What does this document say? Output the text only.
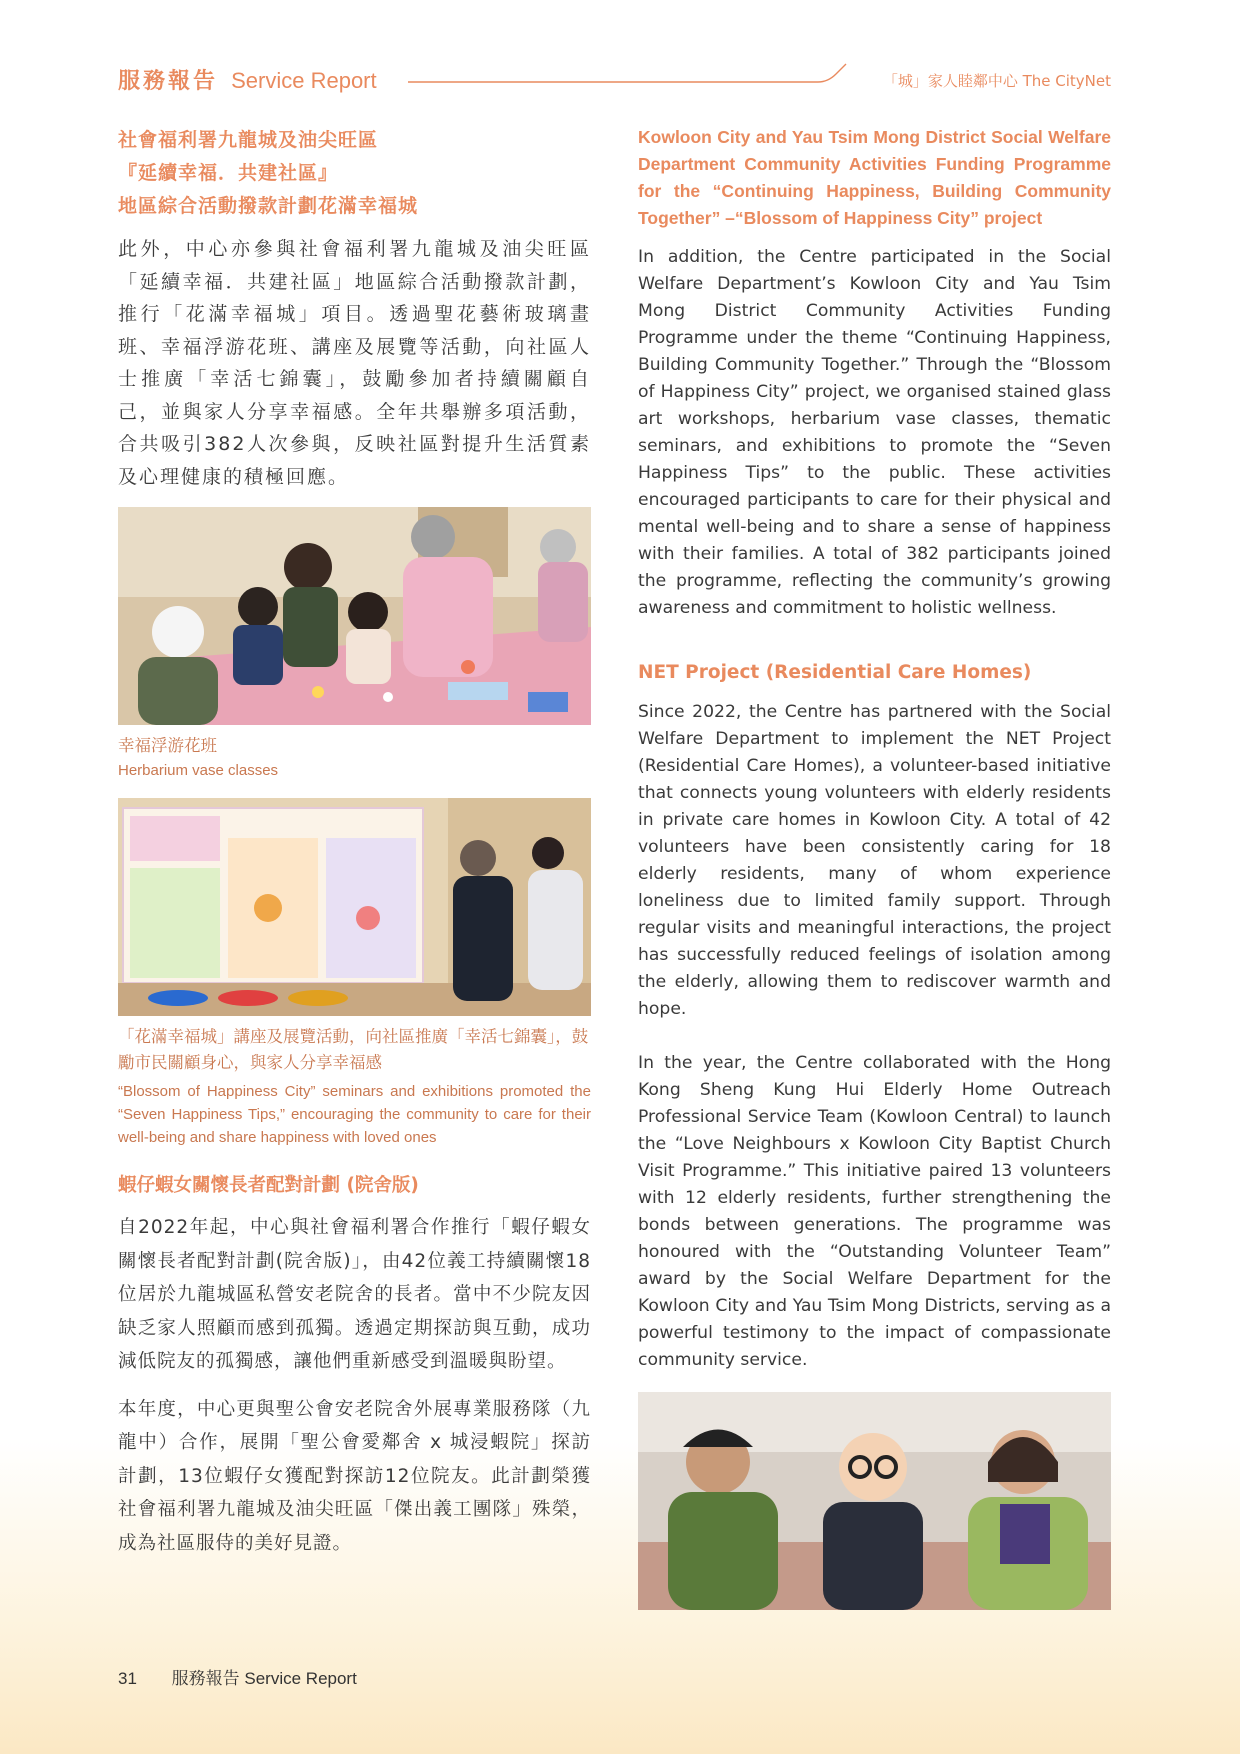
服務報告 Service Report	「城」家人睦鄰中心 The CityNet
社會福利署九龍城及油尖旺區
『延續幸福．共建社區』
地區綜合活動撥款計劃花滿幸福城

此外，中心亦參與社會福利署九龍城及油尖旺區「延續幸福．共建社區」地區綜合活動撥款計劃，推行「花滿幸福城」項目。透過聖花藝術玻璃畫班、幸福浮游花班、講座及展覽等活動，向社區人士推廣「幸活七錦囊」，鼓勵參加者持續關顧自己，並與家人分享幸福感。全年共舉辦多項活動，合共吸引382人次參與，反映社區對提升生活質素及心理健康的積極回應。

幸福浮游花班
Herbarium vase classes
「花滿幸福城」講座及展覽活動，向社區推廣「幸活七錦囊」，鼓勵市民關顧身心，與家人分享幸福感
“Blossom of Happiness City” seminars and exhibitions promoted the “Seven Happiness Tips,” encouraging the community to care for their well-being and share happiness with loved ones
蝦仔蝦女關懷長者配對計劃 (院舍版)

自2022年起，中心與社會福利署合作推行「蝦仔蝦女關懷長者配對計劃(院舍版)」，由42位義工持續關懷18位居於九龍城區私營安老院舍的長者。當中不少院友因缺乏家人照顧而感到孤獨。透過定期探訪與互動，成功減低院友的孤獨感，讓他們重新感受到溫暖與盼望。

本年度，中心更與聖公會安老院舍外展專業服務隊（九龍中）合作，展開「聖公會愛鄰舍 x 城浸蝦院」探訪計劃，13位蝦仔女獲配對探訪12位院友。此計劃榮獲社會福利署九龍城及油尖旺區「傑出義工團隊」殊榮，成為社區服侍的美好見證。

Kowloon City and Yau Tsim Mong District Social Welfare Department Community Activities Funding Programme for the “Continuing Happiness, Building Community Together” –“Blossom of Happiness City” project

In addition, the Centre participated in the Social Welfare Department’s Kowloon City and Yau Tsim Mong District Community Activities Funding Programme under the theme “Continuing Happiness, Building Community Together.” Through the “Blossom of Happiness City” project, we organised stained glass art workshops, herbarium vase classes, thematic seminars, and exhibitions to promote the “Seven Happiness Tips” to the public. These activities encouraged participants to care for their physical and mental well-being and to share a sense of happiness with their families. A total of 382 participants joined the programme, reflecting the community’s growing awareness and commitment to holistic wellness.

NET Project (Residential Care Homes)

Since 2022, the Centre has partnered with the Social Welfare Department to implement the NET Project (Residential Care Homes), a volunteer-based initiative that connects young volunteers with elderly residents in private care homes in Kowloon City. A total of 42 volunteers have been consistently caring for 18 elderly residents, many of whom experience loneliness due to limited family support. Through regular visits and meaningful interactions, the project has successfully reduced feelings of isolation among the elderly, allowing them to rediscover warmth and hope.

In the year, the Centre collaborated with the Hong Kong Sheng Kung Hui Elderly Home Outreach Professional Service Team (Kowloon Central) to launch the “Love Neighbours x Kowloon City Baptist Church Visit Programme.” This initiative paired 13 volunteers with 12 elderly residents, further strengthening the bonds between generations. The programme was honoured with the “Outstanding Volunteer Team” award by the Social Welfare Department for the Kowloon City and Yau Tsim Mong Districts, serving as a powerful testimony to the impact of compassionate community service.

31 服務報告 Service Report
